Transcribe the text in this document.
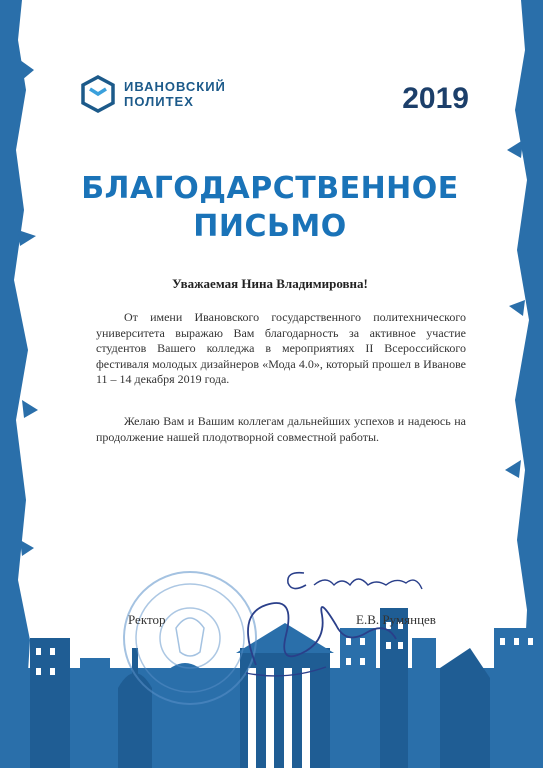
ИВАНОВСКИЙ
ПОЛИТЕХ	2019
БЛАГОДАРСТВЕННОЕ
ПИСЬМО
Уважаемая Нина Владимировна!
От имени Ивановского государственного политехнического университета выражаю Вам благодарность за активное участие студентов Вашего колледжа в мероприятиях II Всероссийского фестиваля молодых дизайнеров «Мода 4.0», который прошел в Иванове 11 – 14 декабря 2019 года.
Желаю Вам и Вашим коллегам дальнейших успехов и надеюсь на продолжение нашей плодотворной совместной работы.
Ректор	Е.В. Румянцев
